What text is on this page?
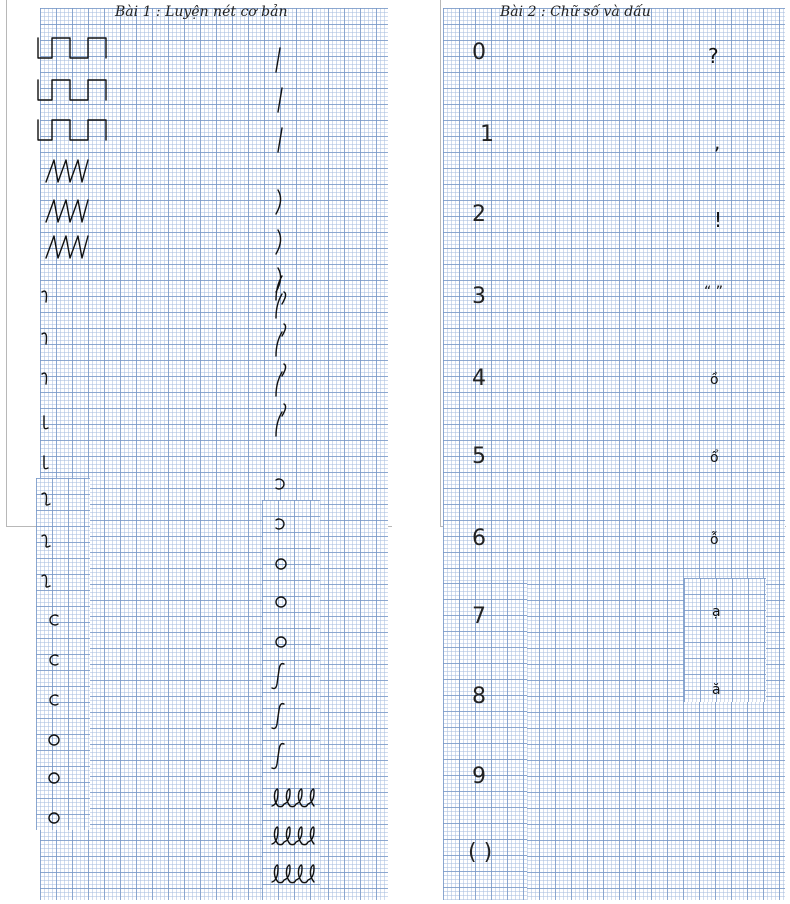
Bài 1 : Luyện nét cơ bản	Bài 2 : Chữ số và dấu
0
1
2
3
4
5
6
7
8
9
( )
?
,
!
“ ”
ồ
ổ
ỗ
ạ
ă
